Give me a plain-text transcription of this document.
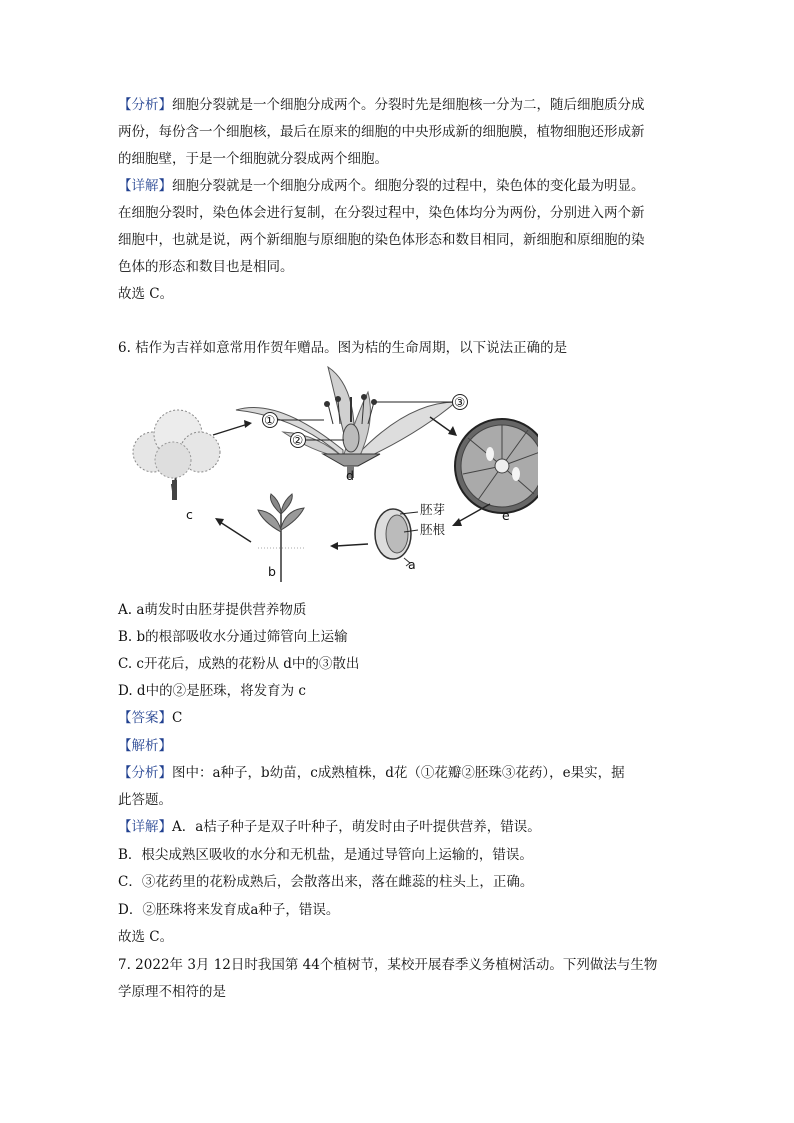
【分析】细胞分裂就是一个细胞分成两个。分裂时先是细胞核一分为二，随后细胞质分成
两份，每份含一个细胞核，最后在原来的细胞的中央形成新的细胞膜，植物细胞还形成新
的细胞壁，于是一个细胞就分裂成两个细胞。
【详解】细胞分裂就是一个细胞分成两个。细胞分裂的过程中，染色体的变化最为明显。
在细胞分裂时，染色体会进行复制，在分裂过程中，染色体均分为两份，分别进入两个新
细胞中，也就是说，两个新细胞与原细胞的染色体形态和数目相同，新细胞和原细胞的染
色体的形态和数目也是相同。
故选 C。
6. 桔作为吉祥如意常用作贺年赠品。图为桔的生命周期，以下说法正确的是
c
①
②
③
d
e
胚芽
胚根
a
b
A. a萌发时由胚芽提供营养物质
B. b的根部吸收水分通过筛管向上运输
C. c开花后，成熟的花粉从 d中的③散出
D. d中的②是胚珠，将发育为 c
【答案】C
【解析】
【分析】图中：a种子，b幼苗，c成熟植株，d花（①花瓣②胚珠③花药），e果实，据
此答题。
【详解】A．a桔子种子是双子叶种子，萌发时由子叶提供营养，错误。
B．根尖成熟区吸收的水分和无机盐，是通过导管向上运输的，错误。
C．③花药里的花粉成熟后，会散落出来，落在雌蕊的柱头上，正确。
D．②胚珠将来发育成a种子，错误。
故选 C。
7. 2022年 3月 12日时我国第 44个植树节，某校开展春季义务植树活动。下列做法与生物
学原理不相符的是
